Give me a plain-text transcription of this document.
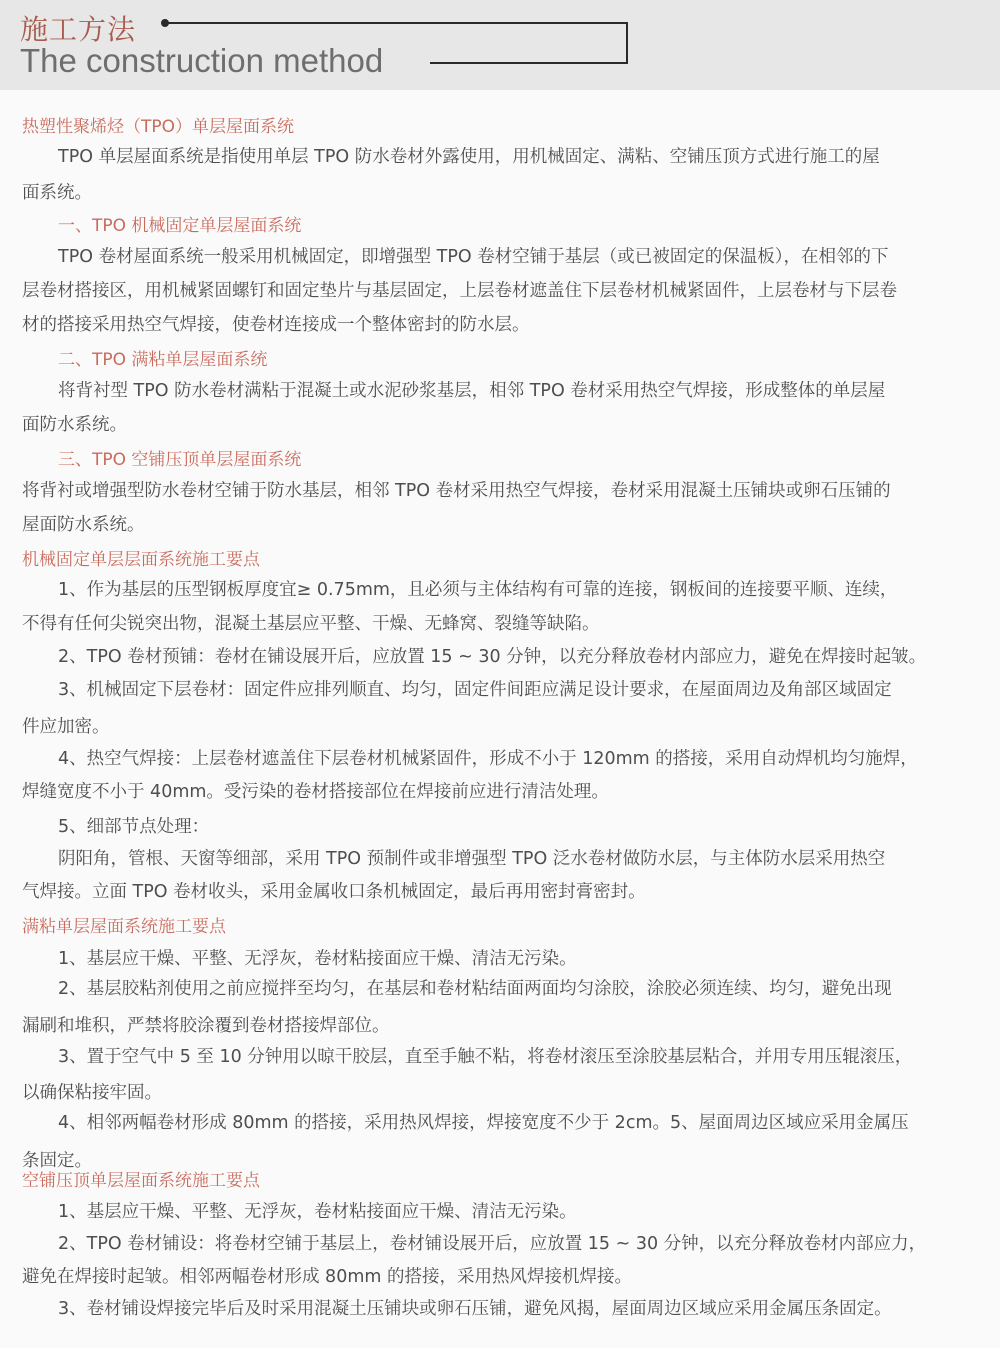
施工方法
The construction method
热塑性聚烯烃（TPO）单层屋面系统
TPO 单层屋面系统是指使用单层 TPO 防水卷材外露使用，用机械固定、满粘、空铺压顶方式进行施工的屋
面系统。
一、TPO 机械固定单层屋面系统
TPO 卷材屋面系统一般采用机械固定，即增强型 TPO 卷材空铺于基层（或已被固定的保温板），在相邻的下
层卷材搭接区，用机械紧固螺钉和固定垫片与基层固定，上层卷材遮盖住下层卷材机械紧固件，上层卷材与下层卷
材的搭接采用热空气焊接，使卷材连接成一个整体密封的防水层。
二、TPO 满粘单层屋面系统
将背衬型 TPO 防水卷材满粘于混凝土或水泥砂浆基层，相邻 TPO 卷材采用热空气焊接，形成整体的单层屋
面防水系统。
三、TPO 空铺压顶单层屋面系统
将背衬或增强型防水卷材空铺于防水基层，相邻 TPO 卷材采用热空气焊接，卷材采用混凝土压铺块或卵石压铺的
屋面防水系统。
机械固定单层层面系统施工要点
1、作为基层的压型钢板厚度宜≥ 0.75mm，且必须与主体结构有可靠的连接，钢板间的连接要平顺、连续，
不得有任何尖锐突出物，混凝土基层应平整、干燥、无蜂窝、裂缝等缺陷。
2、TPO 卷材预铺：卷材在铺设展开后，应放置 15 ~ 30 分钟，以充分释放卷材内部应力，避免在焊接时起皱。
3、机械固定下层卷材：固定件应排列顺直、均匀，固定件间距应满足设计要求，在屋面周边及角部区域固定
件应加密。
4、热空气焊接：上层卷材遮盖住下层卷材机械紧固件，形成不小于 120mm 的搭接，采用自动焊机均匀施焊，
焊缝宽度不小于 40mm。受污染的卷材搭接部位在焊接前应进行清洁处理。
5、细部节点处理：
阴阳角，管根、天窗等细部，采用 TPO 预制件或非增强型 TPO 泛水卷材做防水层，与主体防水层采用热空
气焊接。立面 TPO 卷材收头，采用金属收口条机械固定，最后再用密封膏密封。
满粘单层屋面系统施工要点
1、基层应干燥、平整、无浮灰，卷材粘接面应干燥、清洁无污染。
2、基层胶粘剂使用之前应搅拌至均匀，在基层和卷材粘结面两面均匀涂胶，涂胶必须连续、均匀，避免出现
漏刷和堆积，严禁将胶涂覆到卷材搭接焊部位。
3、置于空气中 5 至 10 分钟用以晾干胶层，直至手触不粘，将卷材滚压至涂胶基层粘合，并用专用压辊滚压，
以确保粘接牢固。
4、相邻两幅卷材形成 80mm 的搭接，采用热风焊接，焊接宽度不少于 2cm。5、屋面周边区域应采用金属压
条固定。
空铺压顶单层屋面系统施工要点
1、基层应干燥、平整、无浮灰，卷材粘接面应干燥、清洁无污染。
2、TPO 卷材铺设：将卷材空铺于基层上，卷材铺设展开后，应放置 15 ~ 30 分钟，以充分释放卷材内部应力，
避免在焊接时起皱。相邻两幅卷材形成 80mm 的搭接，采用热风焊接机焊接。
3、卷材铺设焊接完毕后及时采用混凝土压铺块或卵石压铺，避免风揭，屋面周边区域应采用金属压条固定。
